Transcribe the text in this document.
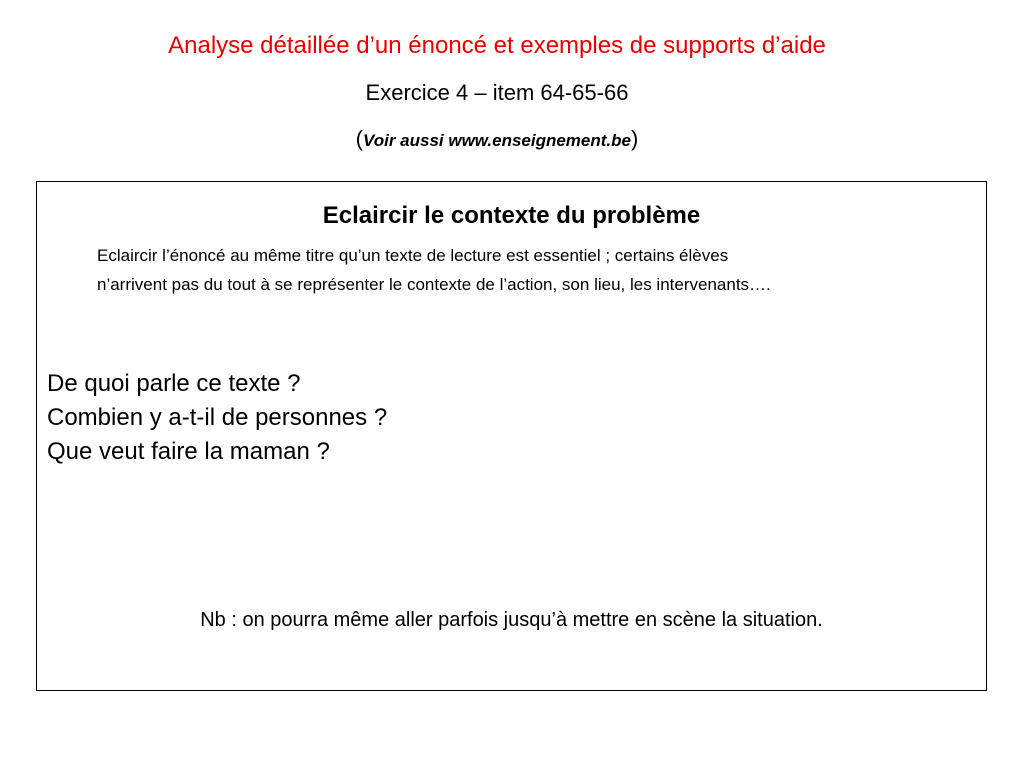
Analyse détaillée d’un énoncé et exemples de supports d’aide
Exercice 4 – item 64-65-66
(Voir aussi www.enseignement.be)
Eclaircir le contexte du problème
Eclaircir l’énoncé au même titre qu’un texte de lecture est essentiel ; certains élèves
n’arrivent pas du tout à se représenter le contexte de l’action, son lieu, les intervenants….
De quoi parle ce texte ?
Combien y a-t-il de personnes ?
Que veut faire la maman ?
Nb : on pourra même aller parfois jusqu’à mettre en scène la situation.
